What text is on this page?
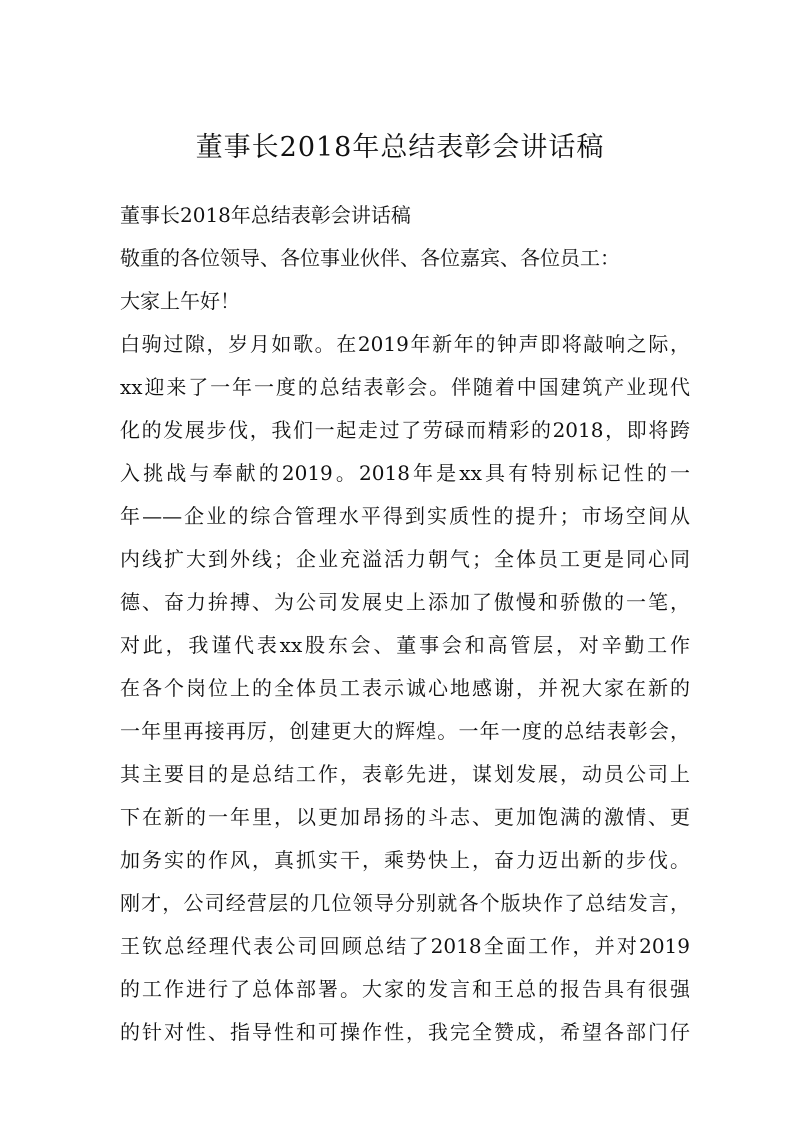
董事长2018年总结表彰会讲话稿

董事长2018年总结表彰会讲话稿

敬重的各位领导、各位事业伙伴、各位嘉宾、各位员工：

大家上午好！

白驹过隙，岁月如歌。在2019年新年的钟声即将敲响之际，

xx迎来了一年一度的总结表彰会。伴随着中国建筑产业现代

化的发展步伐，我们一起走过了劳碌而精彩的2018，即将跨

入挑战与奉献的2019。2018年是xx具有特别标记性的一

年——企业的综合管理水平得到实质性的提升；市场空间从

内线扩大到外线；企业充溢活力朝气；全体员工更是同心同

德、奋力拚搏、为公司发展史上添加了傲慢和骄傲的一笔，

对此，我谨代表xx股东会、董事会和高管层，对辛勤工作

在各个岗位上的全体员工表示诚心地感谢，并祝大家在新的

一年里再接再厉，创建更大的辉煌。一年一度的总结表彰会，

其主要目的是总结工作，表彰先进，谋划发展，动员公司上

下在新的一年里，以更加昂扬的斗志、更加饱满的激情、更

加务实的作风，真抓实干，乘势快上，奋力迈出新的步伐。

刚才，公司经营层的几位领导分别就各个版块作了总结发言，

王钦总经理代表公司回顾总结了2018全面工作，并对2019

的工作进行了总体部署。大家的发言和王总的报告具有很强

的针对性、指导性和可操作性，我完全赞成，希望各部门仔
